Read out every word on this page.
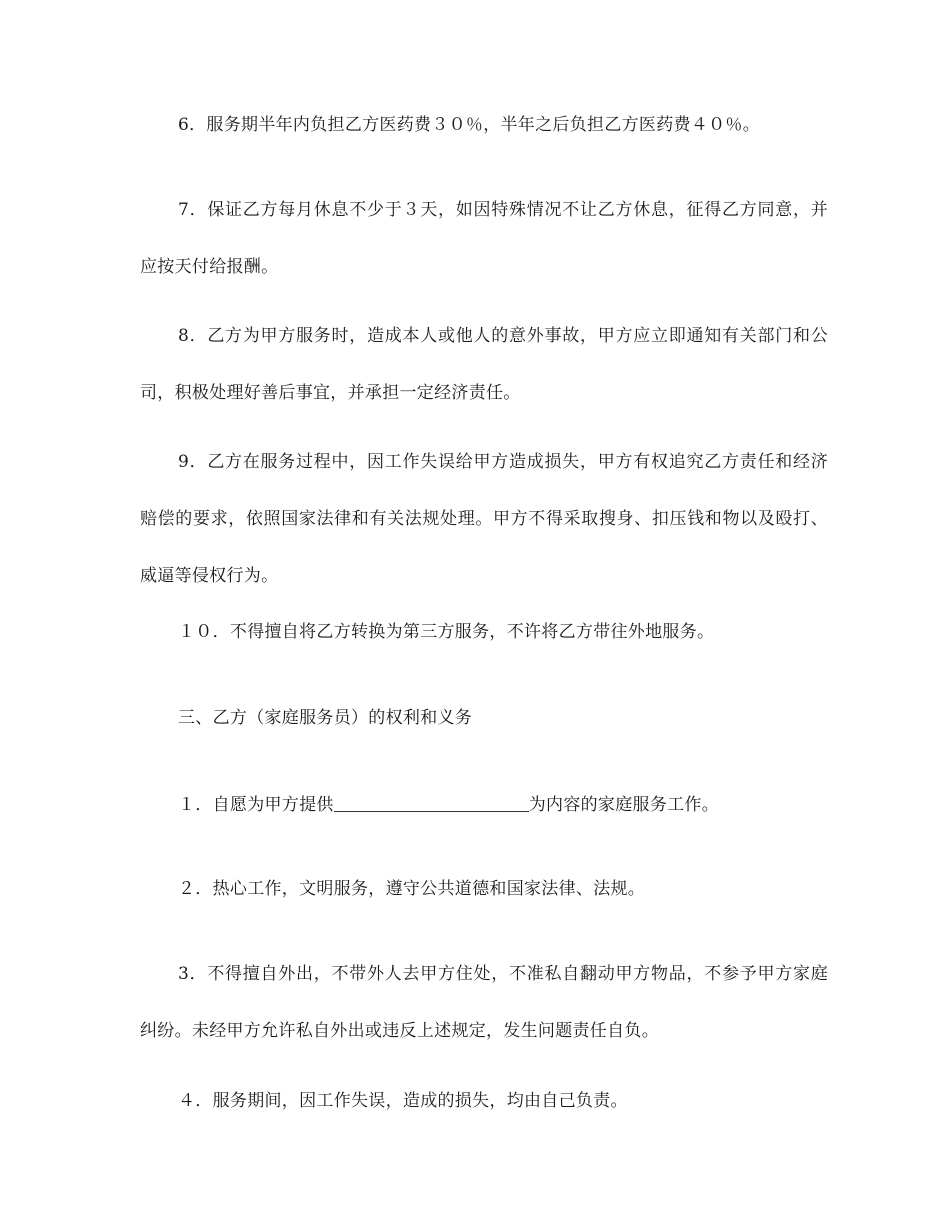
6．服务期半年内负担乙方医药费３０％，半年之后负担乙方医药费４０％。
7．保证乙方每月休息不少于３天，如因特殊情况不让乙方休息，征得乙方同意，并应按天付给报酬。
8．乙方为甲方服务时，造成本人或他人的意外事故，甲方应立即通知有关部门和公司，积极处理好善后事宜，并承担一定经济责任。
9．乙方在服务过程中，因工作失误给甲方造成损失，甲方有权追究乙方责任和经济赔偿的要求，依照国家法律和有关法规处理。甲方不得采取搜身、扣压钱和物以及殴打、威逼等侵权行为。
１０．不得擅自将乙方转换为第三方服务，不许将乙方带往外地服务。
三、乙方（家庭服务员）的权利和义务
１．自愿为甲方提供	为内容的家庭服务工作。
２．热心工作，文明服务，遵守公共道德和国家法律、法规。
3．不得擅自外出，不带外人去甲方住处，不准私自翻动甲方物品，不参予甲方家庭纠纷。未经甲方允许私自外出或违反上述规定，发生问题责任自负。
４．服务期间，因工作失误，造成的损失，均由自己负责。
